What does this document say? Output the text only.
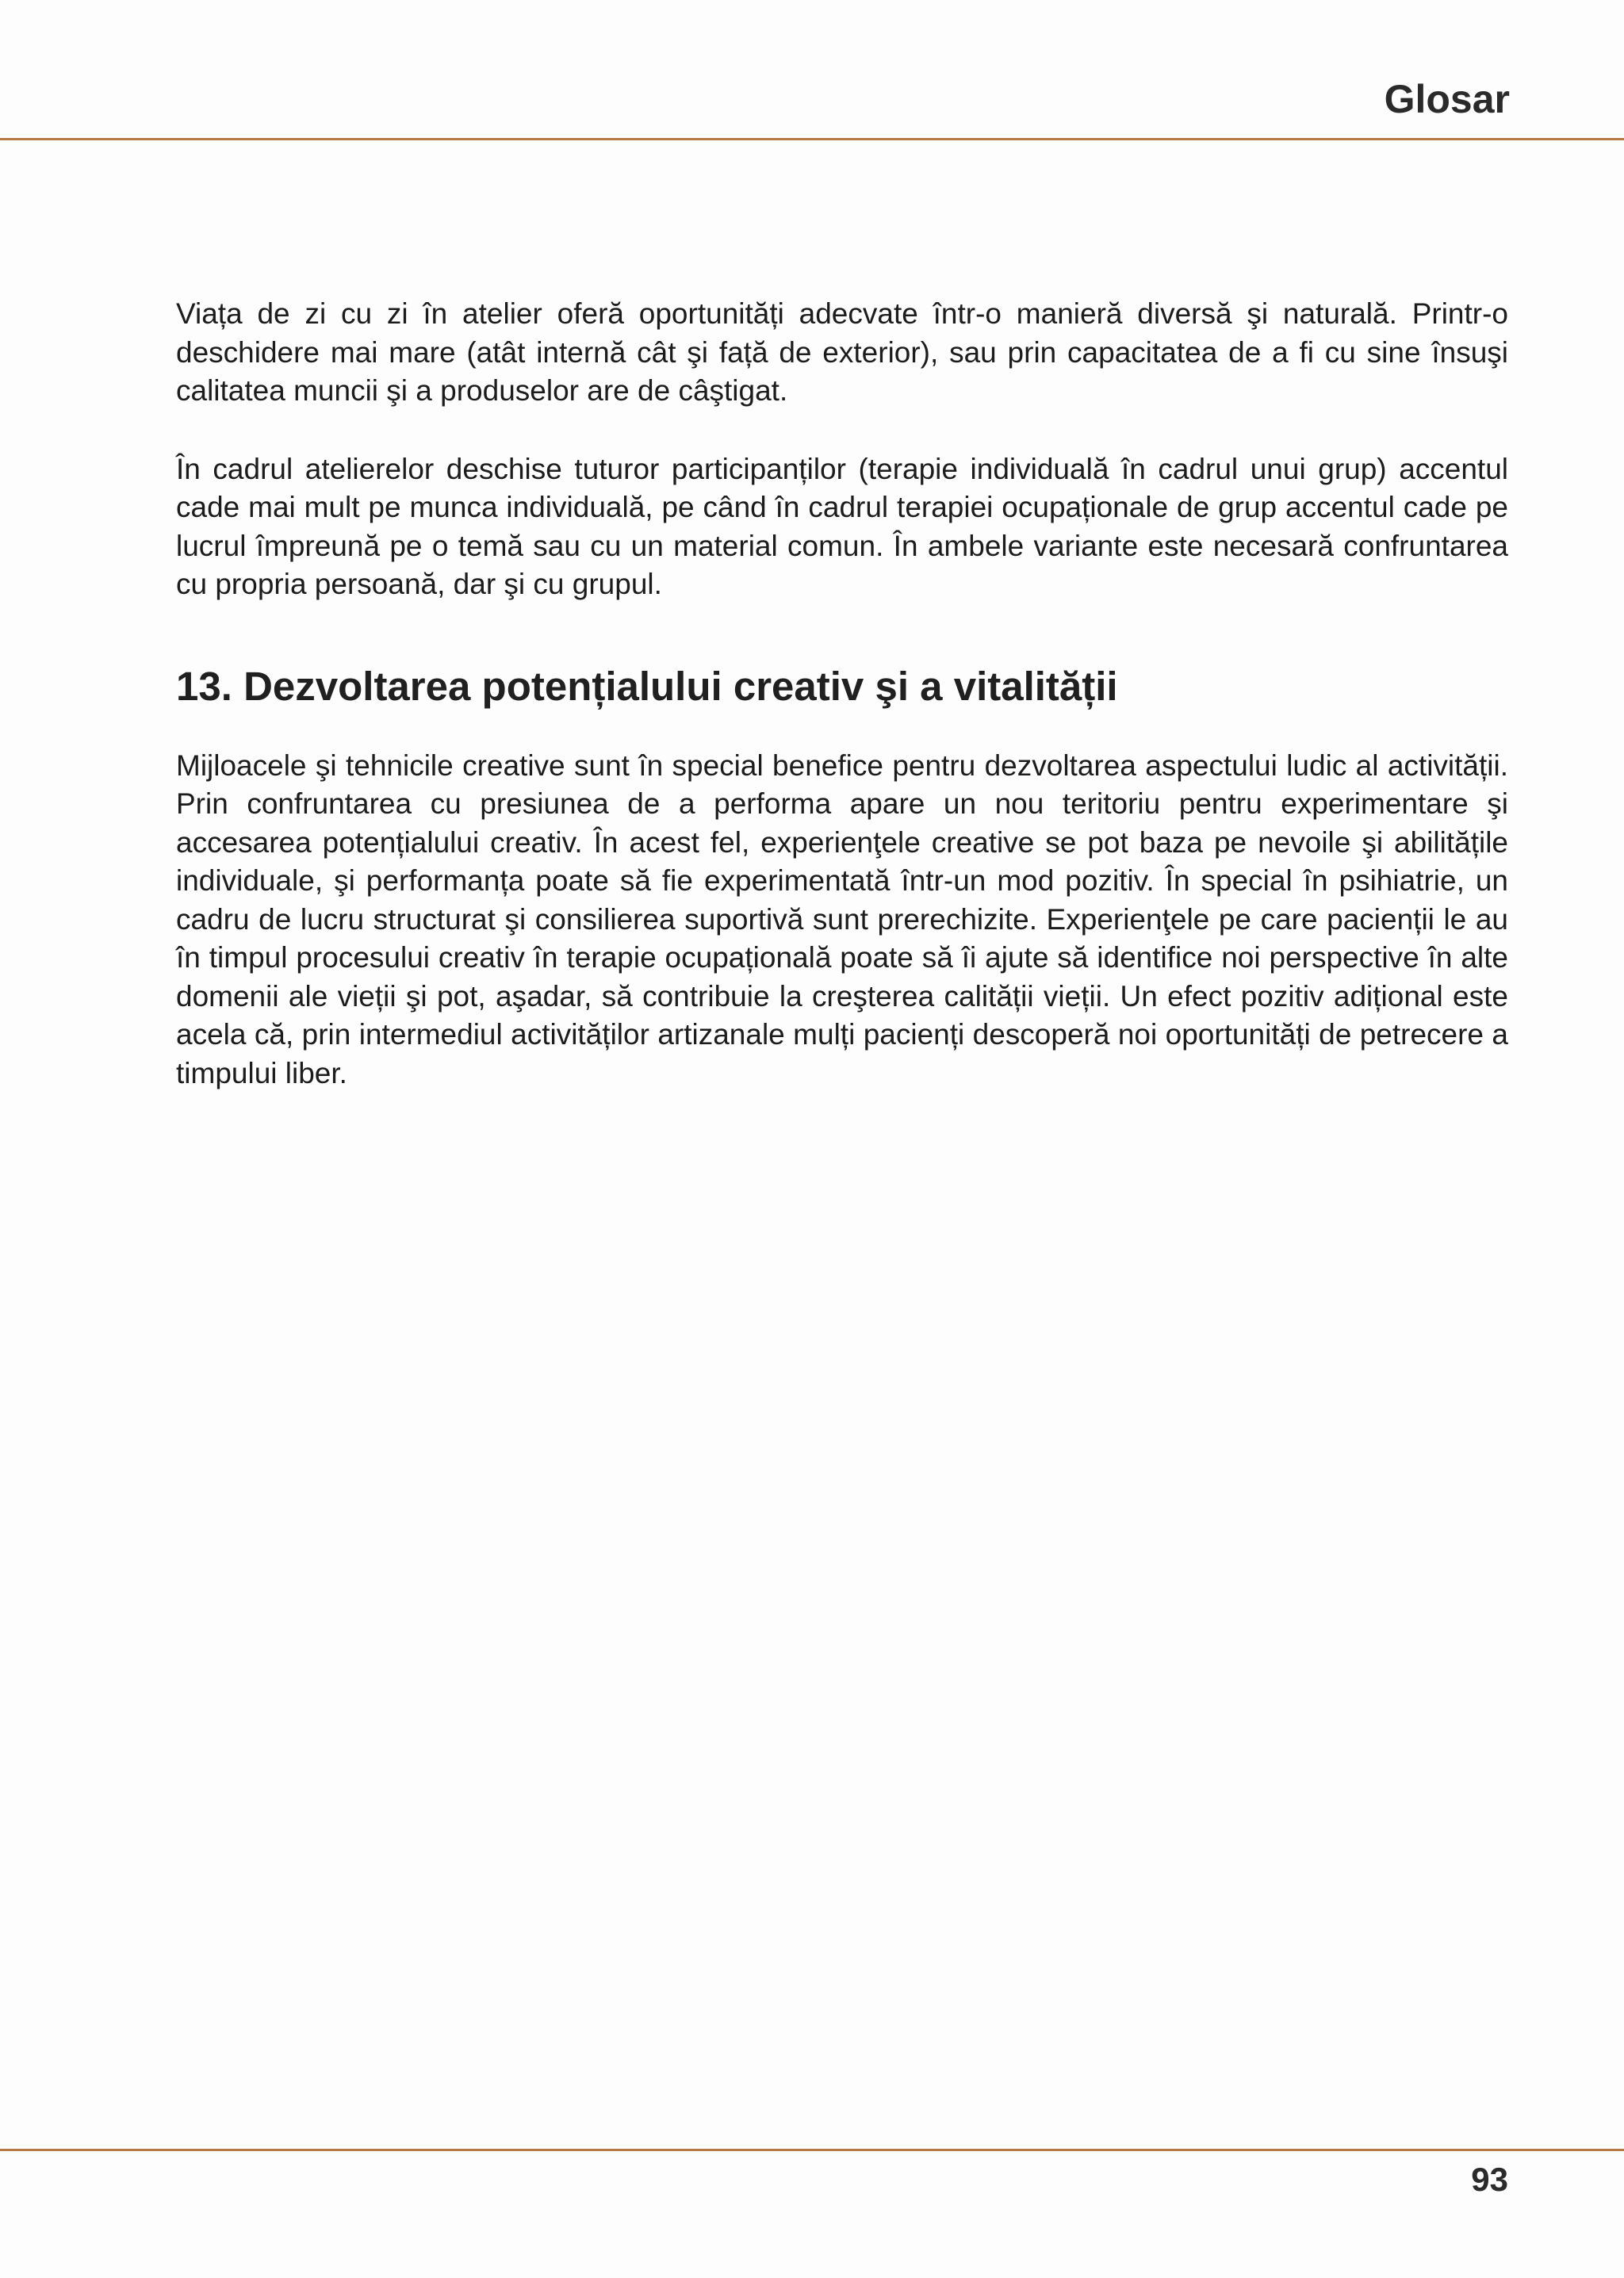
Glosar

Viața de zi cu zi în atelier oferă oportunități adecvate într-o manieră diversă şi naturală. Printr-o deschidere mai mare (atât internă cât şi față de exterior), sau prin capacitatea de a fi cu sine însuşi calitatea muncii şi a produselor are de câştigat.

În cadrul atelierelor deschise tuturor participanților (terapie individuală în cadrul unui grup) accentul cade mai mult pe munca individuală, pe când în cadrul terapiei ocupaționale de grup accentul cade pe lucrul împreună pe o temă sau cu un material comun. În ambele variante este necesară confruntarea cu propria persoană, dar şi cu grupul.

13. Dezvoltarea potențialului creativ şi a vitalității

Mijloacele şi tehnicile creative sunt în special benefice pentru dezvoltarea aspectului ludic al activității. Prin confruntarea cu presiunea de a performa apare un nou teritoriu pentru experimentare şi accesarea potențialului creativ. În acest fel, experienţele creative se pot baza pe nevoile şi abilitățile individuale, şi performanța poate să fie experimentată într-un mod pozitiv. În special în psihiatrie, un cadru de lucru structurat şi consilierea suportivă sunt prerechizite. Experienţele pe care pacienții le au în timpul procesului creativ în terapie ocupațională poate să îi ajute să identifice noi perspective în alte domenii ale vieții şi pot, aşadar, să contribuie la creşterea calității vieții. Un efect pozitiv adițional este acela că, prin intermediul activităților artizanale mulți pacienți descoperă noi oportunități de petrecere a timpului liber.

93
